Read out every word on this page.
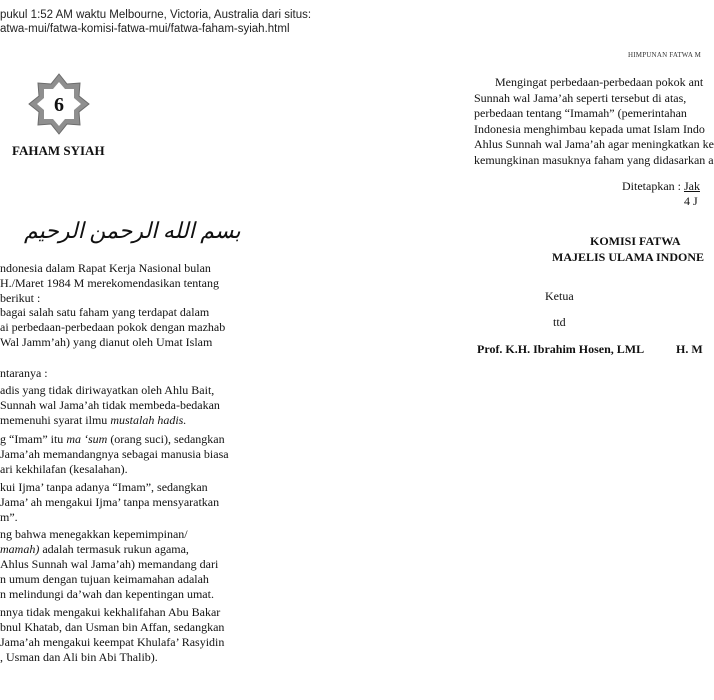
pukul 1:52 AM waktu Melbourne, Victoria, Australia dari situs:
atwa-mui/fatwa-komisi-fatwa-mui/fatwa-faham-syiah.html
6
FAHAM SYIAH
بسم الله الرحمن الرحيم
ndonesia dalam Rapat Kerja Nasional bulan
H./Maret 1984 M merekomendasikan tentang
berikut :
bagai salah satu faham yang terdapat dalam
ai perbedaan-perbedaan pokok dengan mazhab
Wal Jamm’ah) yang dianut oleh Umat Islam
ntaranya :
adis yang tidak diriwayatkan oleh Ahlu Bait,
Sunnah wal Jama’ah tidak membeda-bedakan
memenuhi syarat ilmu mustalah hadis.
g “Imam” itu ma ‘sum (orang suci), sedangkan
Jama’ah memandangnya sebagai manusia biasa
ari kekhilafan (kesalahan).
kui Ijma’ tanpa adanya “Imam”, sedangkan
Jama’ ah mengakui Ijma’ tanpa mensyaratkan
m”.
ng bahwa menegakkan kepemimpinan/
mamah) adalah termasuk rukun agama,
Ahlus Sunnah wal Jama’ah) memandang dari
n umum dengan tujuan keimamahan adalah
n melindungi da’wah dan kepentingan umat.
nnya tidak mengakui kekhalifahan Abu Bakar
bnul Khatab, dan Usman bin Affan, sedangkan
Jama’ah mengakui keempat Khulafa’ Rasyidin
, Usman dan Ali bin Abi Thalib).
HIMPUNAN FATWA M
Mengingat perbedaan-perbedaan pokok ant
Sunnah wal Jama’ah seperti tersebut di atas,
perbedaan tentang “Imamah” (pemerintahan
Indonesia menghimbau kepada umat Islam Indo
Ahlus Sunnah wal Jama’ah agar meningkatkan ke
kemungkinan masuknya faham yang didasarkan a
Ditetapkan : Jak
4 J
KOMISI FATWA
MAJELIS ULAMA INDONE
Ketua
ttd
Prof. K.H. Ibrahim Hosen, LML	H. M
